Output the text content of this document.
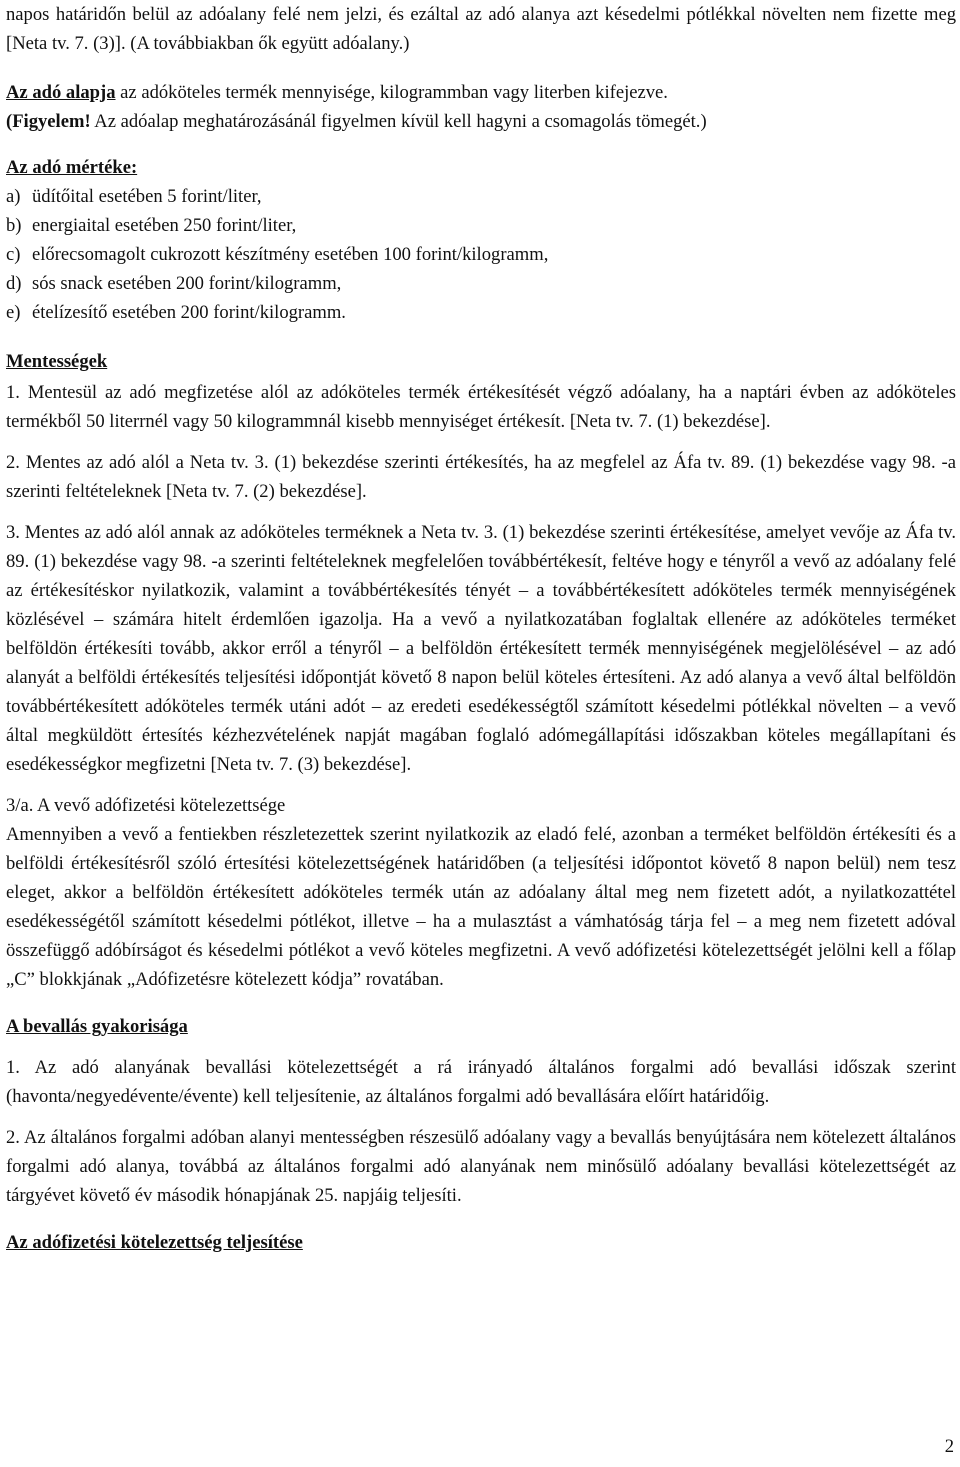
napos határidőn belül az adóalany felé nem jelzi, és ezáltal az adó alanya azt késedelmi pótlékkal növelten nem fizette meg [Neta tv. 7. (3)]. (A továbbiakban ők együtt adóalany.)

Az adó alapja az adóköteles termék mennyisége, kilogrammban vagy literben kifejezve.
(Figyelem! Az adóalap meghatározásánál figyelmen kívül kell hagyni a csomagolás tömegét.)

Az adó mértéke:

a) üdítőital esetében 5 forint/liter,
b) energiaital esetében 250 forint/liter,
c) előrecsomagolt cukrozott készítmény esetében 100 forint/kilogramm,
d) sós snack esetében 200 forint/kilogramm,
e) ételízesítő esetében 200 forint/kilogramm.

Mentességek

1. Mentesül az adó megfizetése alól az adóköteles termék értékesítését végző adóalany, ha a naptári évben az adóköteles termékből 50 literrnél vagy 50 kilogrammnál kisebb mennyiséget értékesít. [Neta tv. 7. (1) bekezdése].

2. Mentes az adó alól a Neta tv. 3. (1) bekezdése szerinti értékesítés, ha az megfelel az Áfa tv. 89. (1) bekezdése vagy 98. -a szerinti feltételeknek [Neta tv. 7. (2) bekezdése].

3. Mentes az adó alól annak az adóköteles terméknek a Neta tv. 3. (1) bekezdése szerinti értékesítése, amelyet vevője az Áfa tv. 89. (1) bekezdése vagy 98. -a szerinti feltételeknek megfelelően továbbértékesít, feltéve hogy e tényről a vevő az adóalany felé az értékesítéskor nyilatkozik, valamint a továbbértékesítés tényét – a továbbértékesített adóköteles termék mennyiségének közlésével – számára hitelt érdemlően igazolja. Ha a vevő a nyilatkozatában foglaltak ellenére az adóköteles terméket belföldön értékesíti tovább, akkor erről a tényről – a belföldön értékesített termék mennyiségének megjelölésével – az adó alanyát a belföldi értékesítés teljesítési időpontját követő 8 napon belül köteles értesíteni. Az adó alanya a vevő által belföldön továbbértékesített adóköteles termék utáni adót – az eredeti esedékességtől számított késedelmi pótlékkal növelten – a vevő által megküldött értesítés kézhezvételének napját magában foglaló adómegállapítási időszakban köteles megállapítani és esedékességkor megfizetni [Neta tv. 7. (3) bekezdése].

3/a. A vevő adófizetési kötelezettsége

Amennyiben a vevő a fentiekben részletezettek szerint nyilatkozik az eladó felé, azonban a terméket belföldön értékesíti és a belföldi értékesítésről szóló értesítési kötelezettségének határidőben (a teljesítési időpontot követő 8 napon belül) nem tesz eleget, akkor a belföldön értékesített adóköteles termék után az adóalany által meg nem fizetett adót, a nyilatkozattétel esedékességétől számított késedelmi pótlékot, illetve – ha a mulasztást a vámhatóság tárja fel – a meg nem fizetett adóval összefüggő adóbírságot és késedelmi pótlékot a vevő köteles megfizetni. A vevő adófizetési kötelezettségét jelölni kell a főlap „C” blokkjának „Adófizetésre kötelezett kódja” rovatában.

A bevallás gyakorisága

1. Az adó alanyának bevallási kötelezettségét a rá irányadó általános forgalmi adó bevallási időszak szerint (havonta/negyedévente/évente) kell teljesítenie, az általános forgalmi adó bevallására előírt határidőig.

2. Az általános forgalmi adóban alanyi mentességben részesülő adóalany vagy a bevallás benyújtására nem kötelezett általános forgalmi adó alanya, továbbá az általános forgalmi adó alanyának nem minősülő adóalany bevallási kötelezettségét az tárgyévet követő év második hónapjának 25. napjáig teljesíti.

Az adófizetési kötelezettség teljesítése

2
